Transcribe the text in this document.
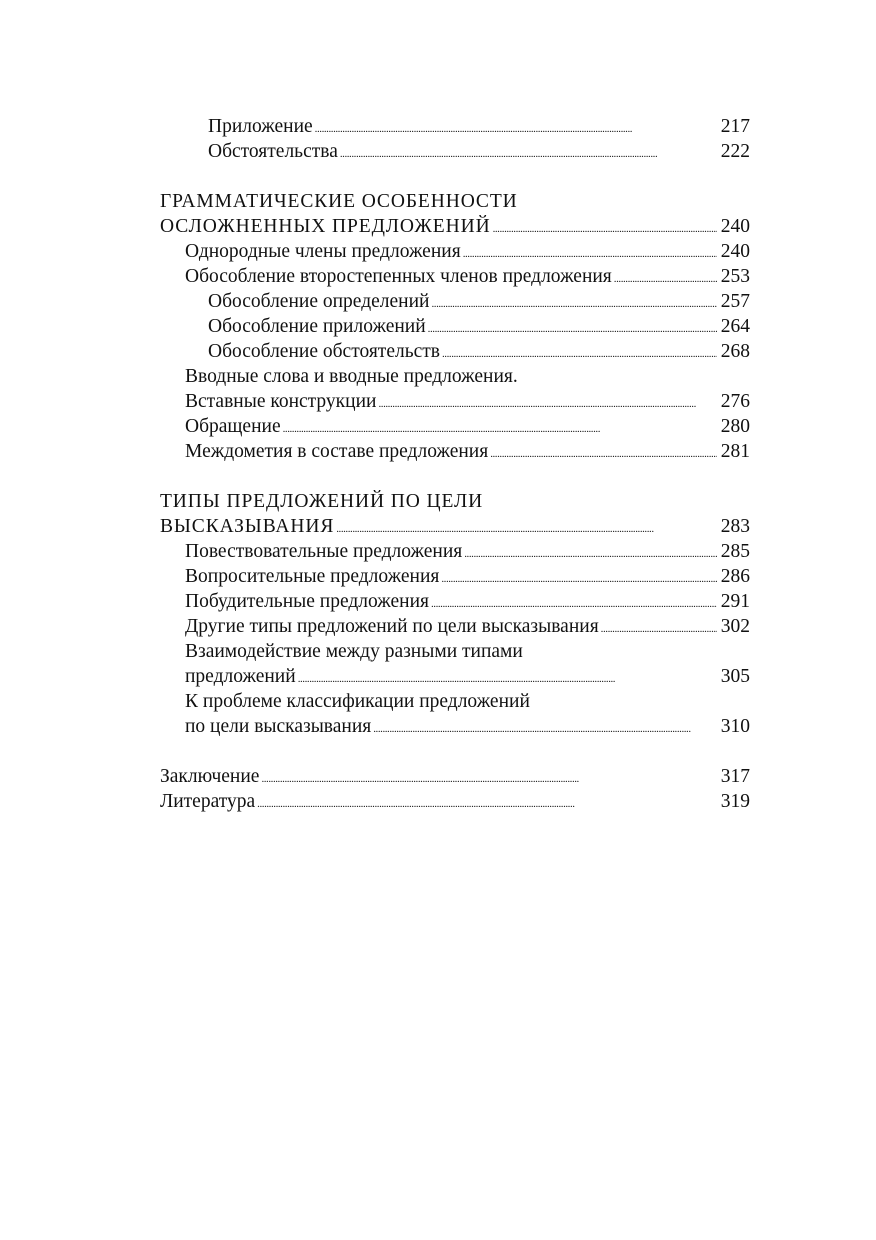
Приложение . . .	217
Обстоятельства . . .	222
ГРАММАТИЧЕСКИЕ ОСОБЕННОСТИ
ОСЛОЖНЕННЫХ ПРЕДЛОЖЕНИЙ . . .	240
Однородные члены предложения . . .	240
Обособление второстепенных членов предложения . . .	253
Обособление определений . . .	257
Обособление приложений . . .	264
Обособление обстоятельств . . .	268
Вводные слова и вводные предложения.
Вставные конструкции . . .	276
Обращение . . .	280
Междометия в составе предложения . . .	281
ТИПЫ ПРЕДЛОЖЕНИЙ ПО ЦЕЛИ
ВЫСКАЗЫВАНИЯ . . .	283
Повествовательные предложения . . .	285
Вопросительные предложения . . .	286
Побудительные предложения . . .	291
Другие типы предложений по цели высказывания . . .	302
Взаимодействие между разными типами
предложений . . .	305
К проблеме классификации предложений
по цели высказывания . . .	310
Заключение . . .	317
Литература . . .	319
